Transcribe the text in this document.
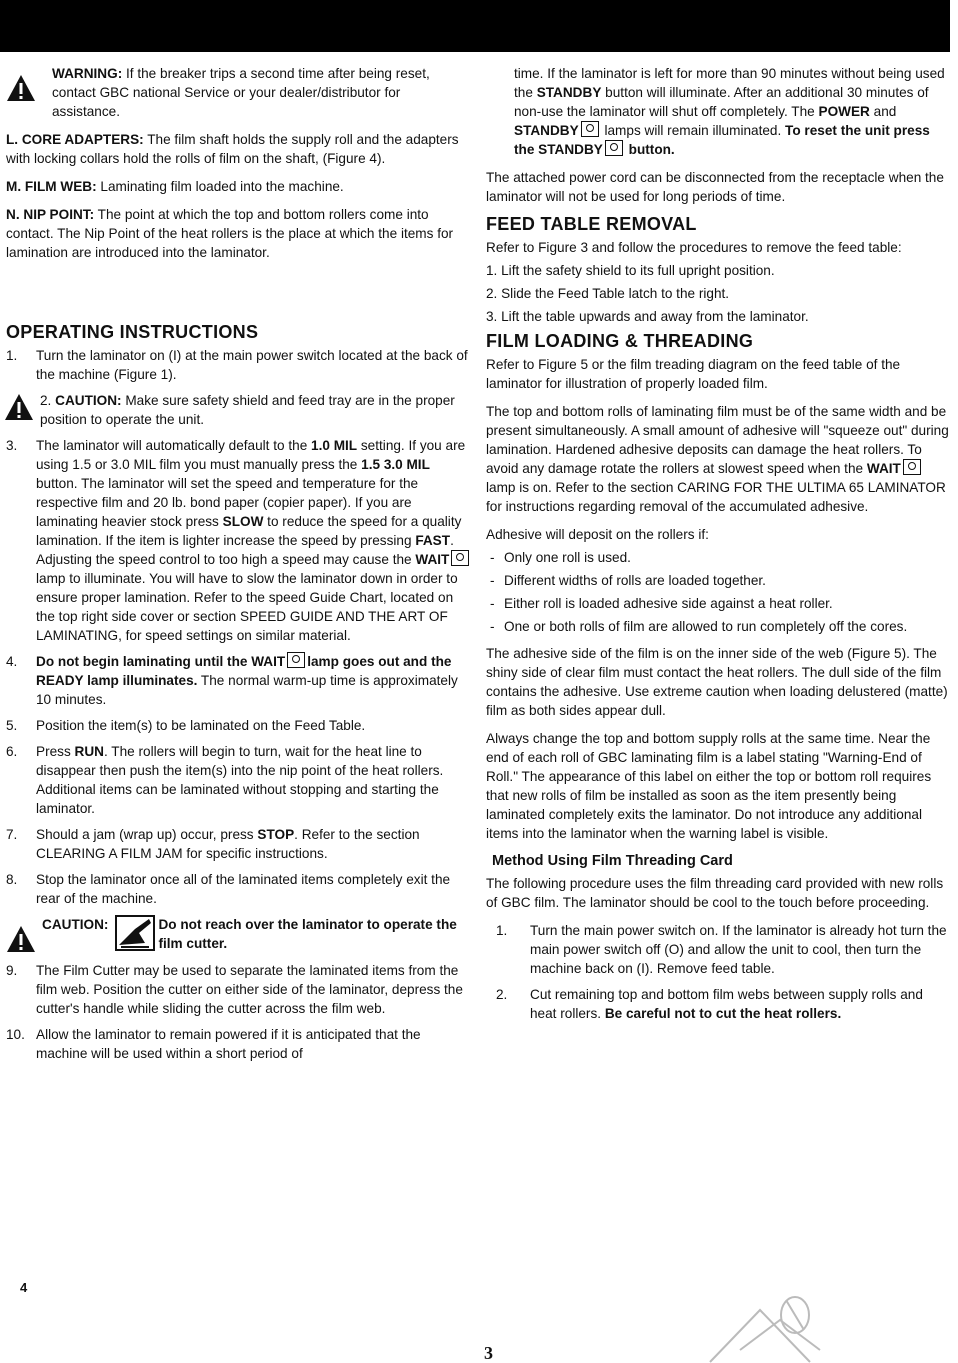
WARNING: If the breaker trips a second time after being reset, contact GBC national Service or your dealer/distributor for assistance.

L. CORE ADAPTERS: The film shaft holds the supply roll and the adapters with locking collars hold the rolls of film on the shaft, (Figure 4).

M. FILM WEB: Laminating film loaded into the machine.

N. NIP POINT: The point at which the top and bottom rollers come into contact. The Nip Point of the heat rollers is the place at which the items for lamination are introduced into the laminator.

OPERATING INSTRUCTIONS
1.	Turn the laminator on (I) at the main power switch located at the back of the machine (Figure 1).
2. CAUTION: Make sure safety shield and feed tray are in the proper position to operate the unit.
3.	The laminator will automatically default to the 1.0 MIL setting. If you are using 1.5 or 3.0 MIL film you must manually press the 1.5 3.0 MIL button. The laminator will set the speed and temperature for the respective film and 20 lb. bond paper (copier paper). If you are laminating heavier stock press SLOW to reduce the speed for a quality lamination. If the item is lighter increase the speed by pressing FAST. Adjusting the speed control to too high a speed may cause the WAIT lamp to illuminate. You will have to slow the laminator down in order to ensure proper lamination. Refer to the speed Guide Chart, located on the top right side cover or section SPEED GUIDE AND THE ART OF LAMINATING, for speed settings on similar material.
4.	Do not begin laminating until the WAIT lamp goes out and the READY lamp illuminates. The normal warm-up time is approximately 10 minutes.
5.	Position the item(s) to be laminated on the Feed Table.
6.	Press RUN. The rollers will begin to turn, wait for the heat line to disappear then push the item(s) into the nip point of the heat rollers. Additional items can be laminated without stopping and starting the laminator.
7.	Should a jam (wrap up) occur, press STOP. Refer to the section CLEARING A FILM JAM for specific instructions.
8.	Stop the laminator once all of the laminated items completely exit the rear of the machine.
CAUTION:	Do not reach over the laminator to operate the film cutter.
9.	The Film Cutter may be used to separate the laminated items from the film web. Position the cutter on either side of the laminator, depress the cutter's handle while sliding the cutter across the film web.
10. Allow the laminator to remain powered if it is anticipated that the machine will be used within a short period of

time. If the laminator is left for more than 90 minutes without being used the STANDBY button will illuminate. After an additional 30 minutes of non-use the laminator will shut off completely. The POWER and STANDBY lamps will remain illuminated. To reset the unit press the STANDBY button.

The attached power cord can be disconnected from the receptacle when the laminator will not be used for long periods of time.

FEED TABLE REMOVAL

Refer to Figure 3 and follow the procedures to remove the feed table:

1. Lift the safety shield to its full upright position.

2. Slide the Feed Table latch to the right.

3. Lift the table upwards and away from the laminator.

FILM LOADING & THREADING

Refer to Figure 5 or the film treading diagram on the feed table of the laminator for illustration of properly loaded film.

The top and bottom rolls of laminating film must be of the same width and be present simultaneously. A small amount of adhesive will "squeeze out" during lamination. Hardened adhesive deposits can damage the heat rollers. To avoid any damage rotate the rollers at slowest speed when the WAIT lamp is on. Refer to the section CARING FOR THE ULTIMA 65 LAMINATOR for instructions regarding removal of the accumulated adhesive.

Adhesive will deposit on the rollers if:

- Only one roll is used.
- Different widths of rolls are loaded together.
- Either roll is loaded adhesive side against a heat roller.
- One or both rolls of film are allowed to run completely off the cores.

The adhesive side of the film is on the inner side of the web (Figure 5). The shiny side of clear film must contact the heat rollers. The dull side of the film contains the adhesive. Use extreme caution when loading delustered (matte) film as both sides appear dull.

Always change the top and bottom supply rolls at the same time. Near the end of each roll of GBC laminating film is a label stating "Warning-End of Roll." The appearance of this label on either the top or bottom roll requires that new rolls of film be installed as soon as the item presently being laminated completely exits the laminator. Do not introduce any additional items into the laminator when the warning label is visible.

Method Using Film Threading Card

The following procedure uses the film threading card provided with new rolls of GBC film. The laminator should be cool to the touch before proceeding.

1.	Turn the main power switch on. If the laminator is already hot turn the main power switch off (O) and allow the unit to cool, then turn the machine back on (I). Remove feed table.
2.	Cut remaining top and bottom film webs between supply rolls and heat rollers. Be careful not to cut the heat rollers.
4
3
